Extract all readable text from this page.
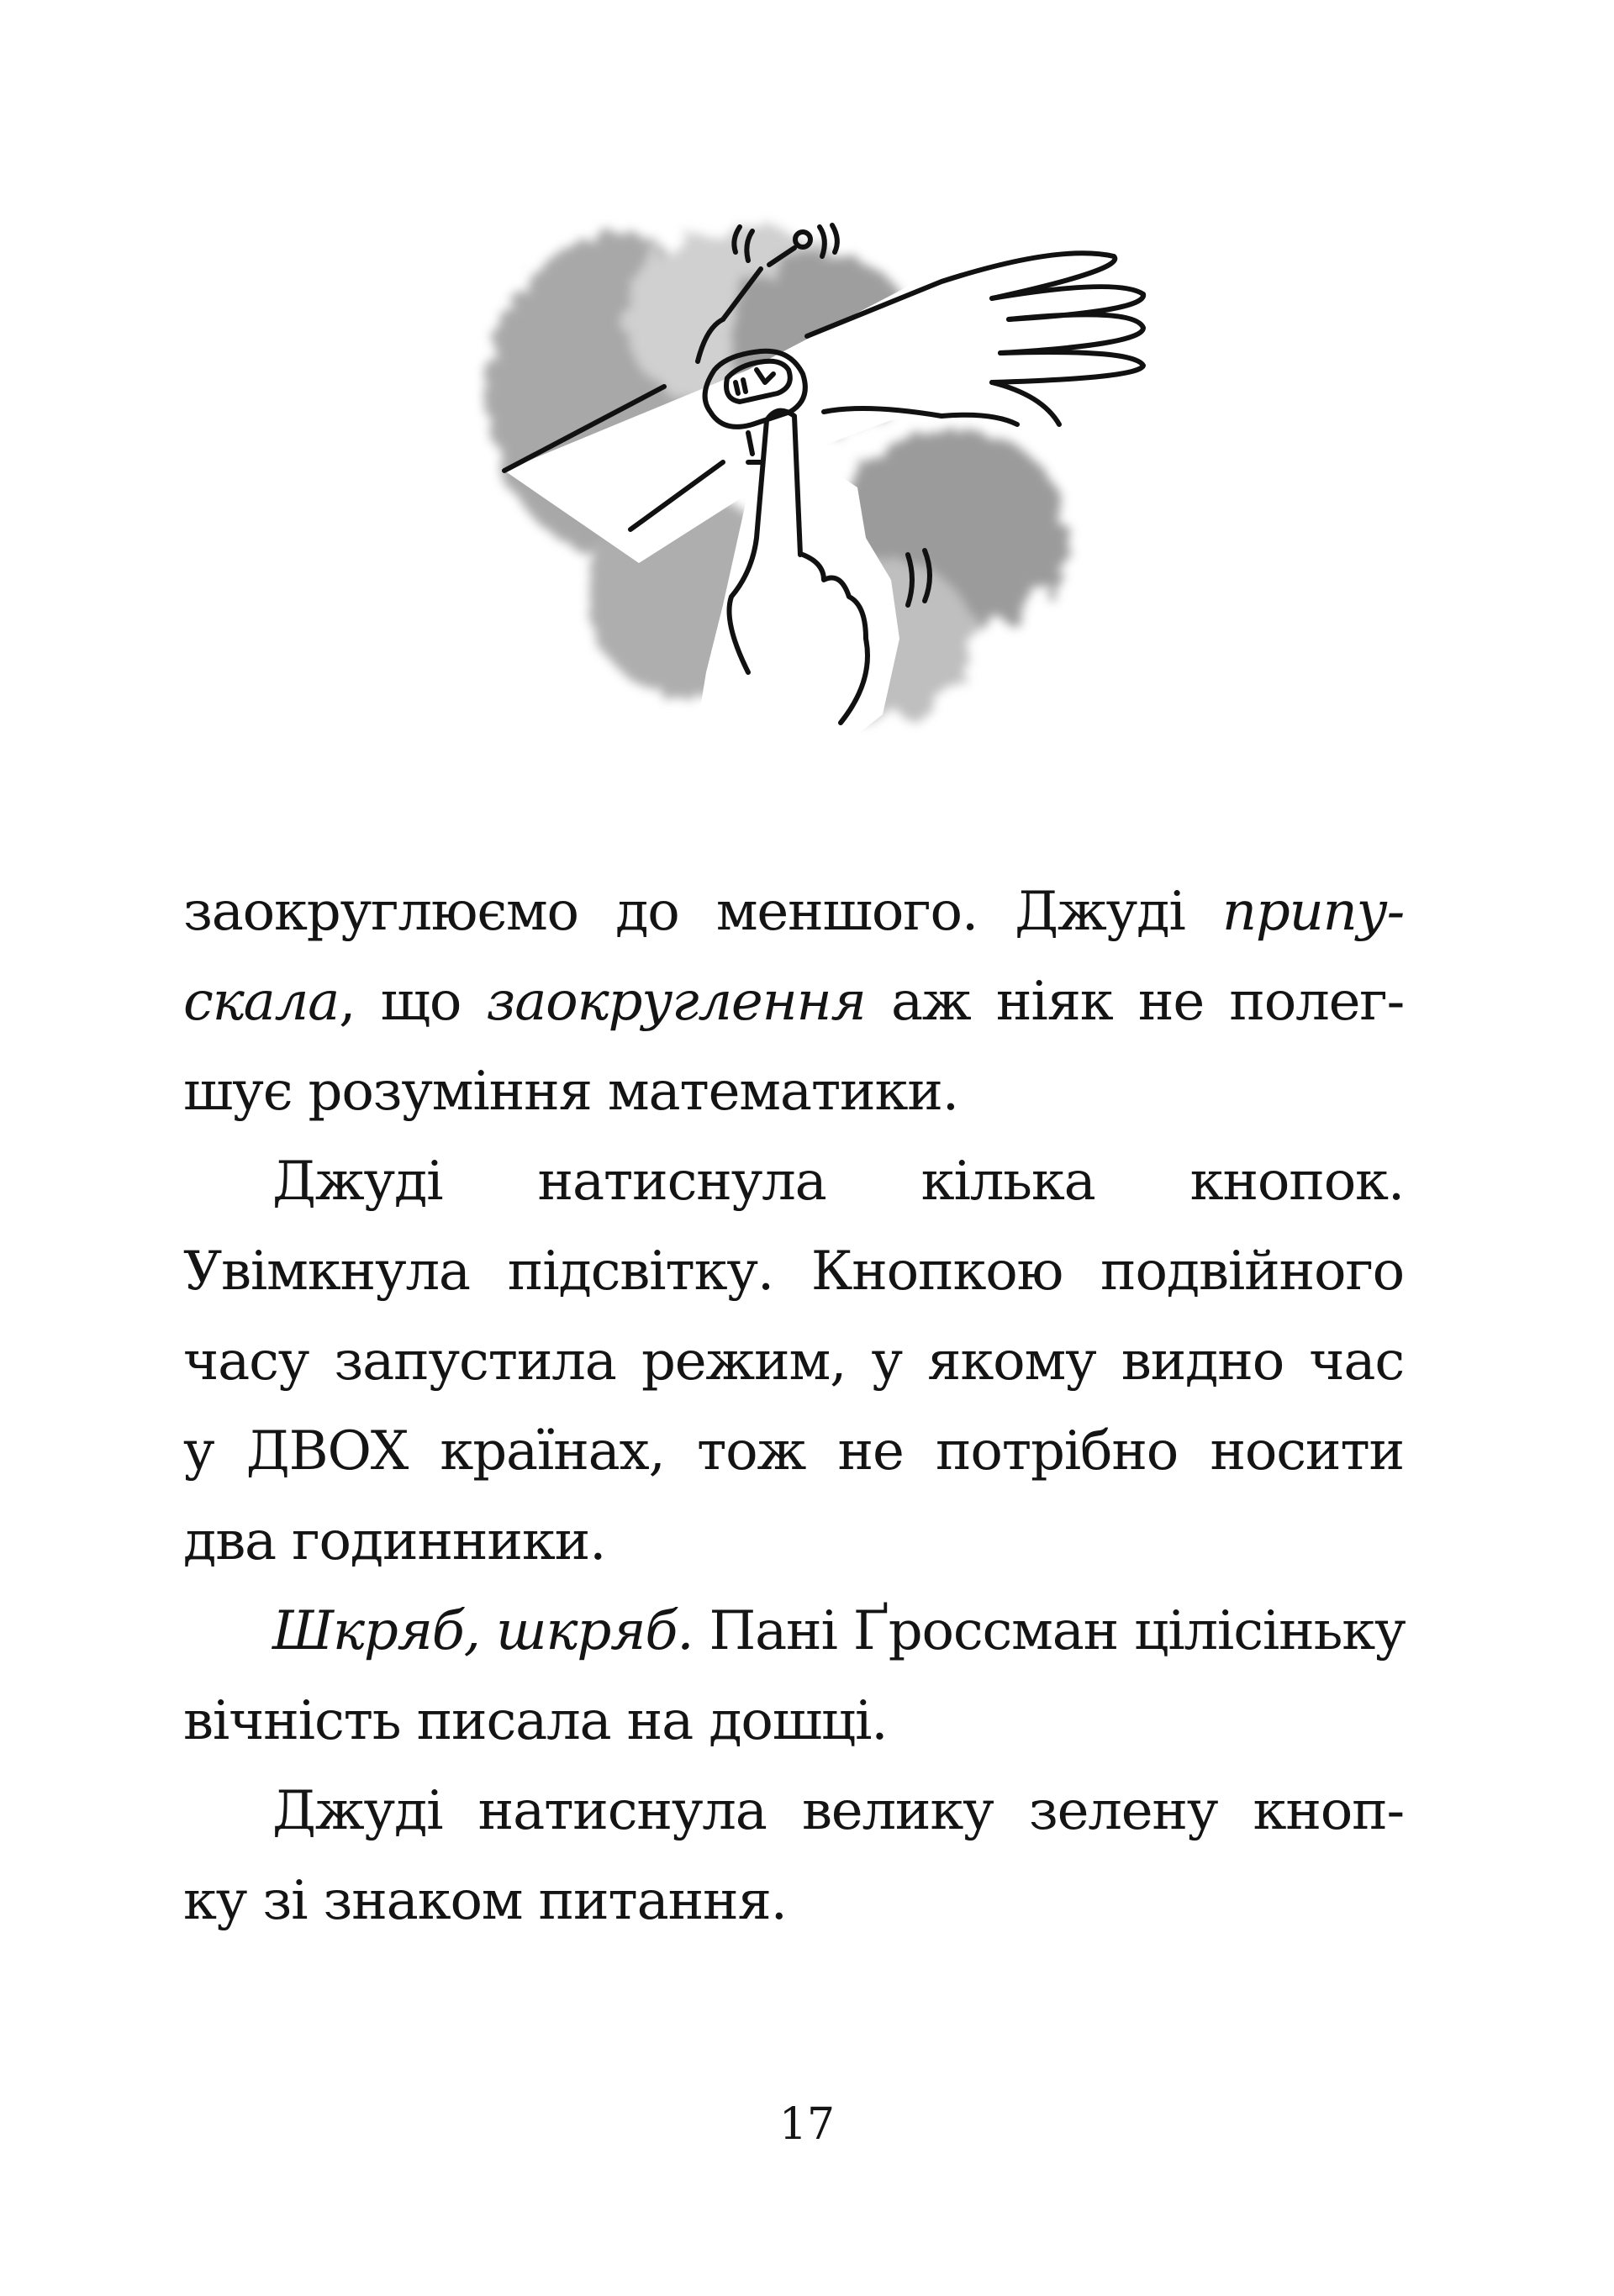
заокруглюємо до меншого. Джуді припу-
скала, що заокруглення аж ніяк не полег-
шує розуміння математики.
Джуді натиснула кілька кнопок.
Увімкнула підсвітку. Кнопкою подвійного
часу запустила режим, у якому видно час
у ДВОХ країнах, тож не потрібно носити
два годинники.
Шкряб, шкряб. Пані Ґроссман цілісіньку
вічність писала на дошці.
Джуді натиснула велику зелену кноп-
ку зі знаком питання.
17
